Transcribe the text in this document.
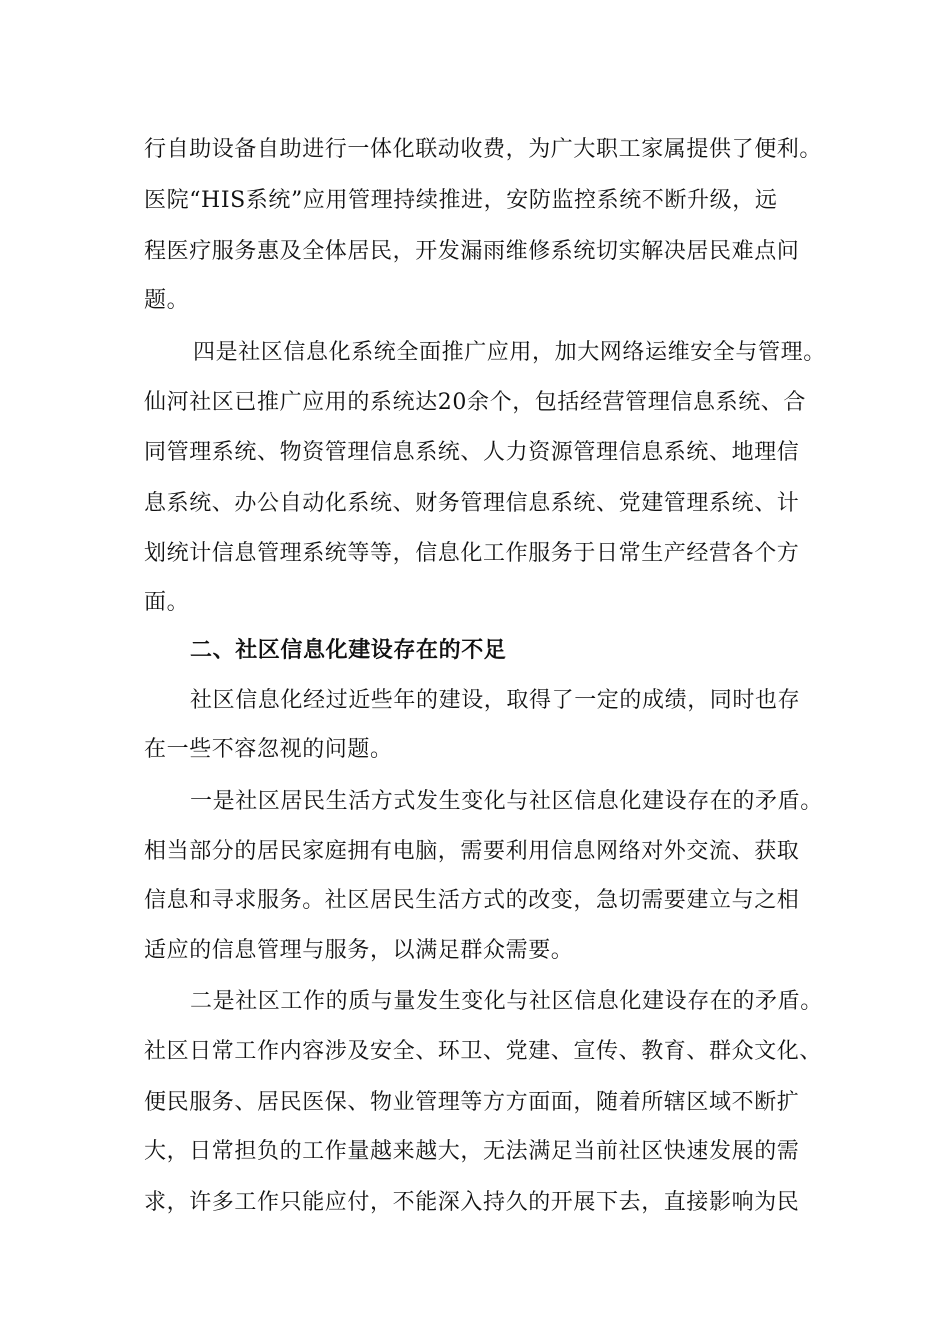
行自助设备自助进行一体化联动收费，为广大职工家属提供了便利。

医院“HIS系统”应用管理持续推进，安防监控系统不断升级，远

程医疗服务惠及全体居民，开发漏雨维修系统切实解决居民难点问

题。

四是社区信息化系统全面推广应用，加大网络运维安全与管理。

仙河社区已推广应用的系统达20余个，包括经营管理信息系统、合

同管理系统、物资管理信息系统、人力资源管理信息系统、地理信

息系统、办公自动化系统、财务管理信息系统、党建管理系统、计

划统计信息管理系统等等，信息化工作服务于日常生产经营各个方

面。

二、社区信息化建设存在的不足

社区信息化经过近些年的建设，取得了一定的成绩，同时也存

在一些不容忽视的问题。

一是社区居民生活方式发生变化与社区信息化建设存在的矛盾。

相当部分的居民家庭拥有电脑，需要利用信息网络对外交流、获取

信息和寻求服务。社区居民生活方式的改变，急切需要建立与之相

适应的信息管理与服务，以满足群众需要。

二是社区工作的质与量发生变化与社区信息化建设存在的矛盾。

社区日常工作内容涉及安全、环卫、党建、宣传、教育、群众文化、

便民服务、居民医保、物业管理等方方面面，随着所辖区域不断扩

大，日常担负的工作量越来越大，无法满足当前社区快速发展的需

求，许多工作只能应付，不能深入持久的开展下去，直接影响为民
